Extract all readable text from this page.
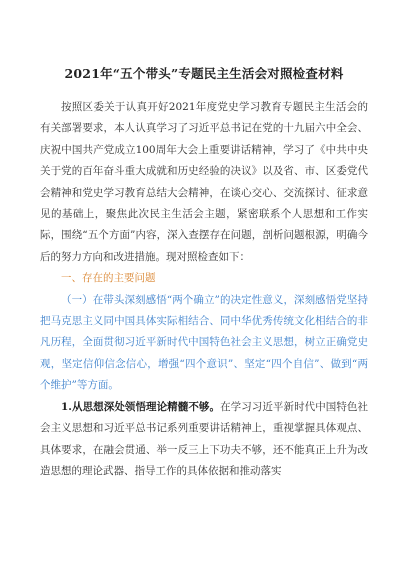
2021年“五个带头”专题民主生活会对照检查材料

按照区委关于认真开好2021年度党史学习教育专题民主生活会的有关部署要求，本人认真学习了习近平总书记在党的十九届六中全会、庆祝中国共产党成立100周年大会上重要讲话精神，学习了《中共中央关于党的百年奋斗重大成就和历史经验的决议》以及省、市、区委党代会精神和党史学习教育总结大会精神，在谈心交心、交流探讨、征求意见的基础上，聚焦此次民主生活会主题，紧密联系个人思想和工作实际，围绕“五个方面”内容，深入查摆存在问题，剖析问题根源，明确今后的努力方向和改进措施。现对照检查如下：

一、存在的主要问题

（一）在带头深刻感悟“两个确立”的决定性意义，深刻感悟党坚持把马克思主义同中国具体实际相结合、同中华优秀传统文化相结合的非凡历程，全面贯彻习近平新时代中国特色社会主义思想，树立正确党史观，坚定信仰信念信心，增强“四个意识”、坚定“四个自信”、做到“两个维护”等方面。

1.从思想深处领悟理论精髓不够。在学习习近平新时代中国特色社会主义思想和习近平总书记系列重要讲话精神上，重视掌握具体观点、具体要求，在融会贯通、举一反三上下功夫不够，还不能真正上升为改造思想的理论武器、指导工作的具体依据和推动落实
